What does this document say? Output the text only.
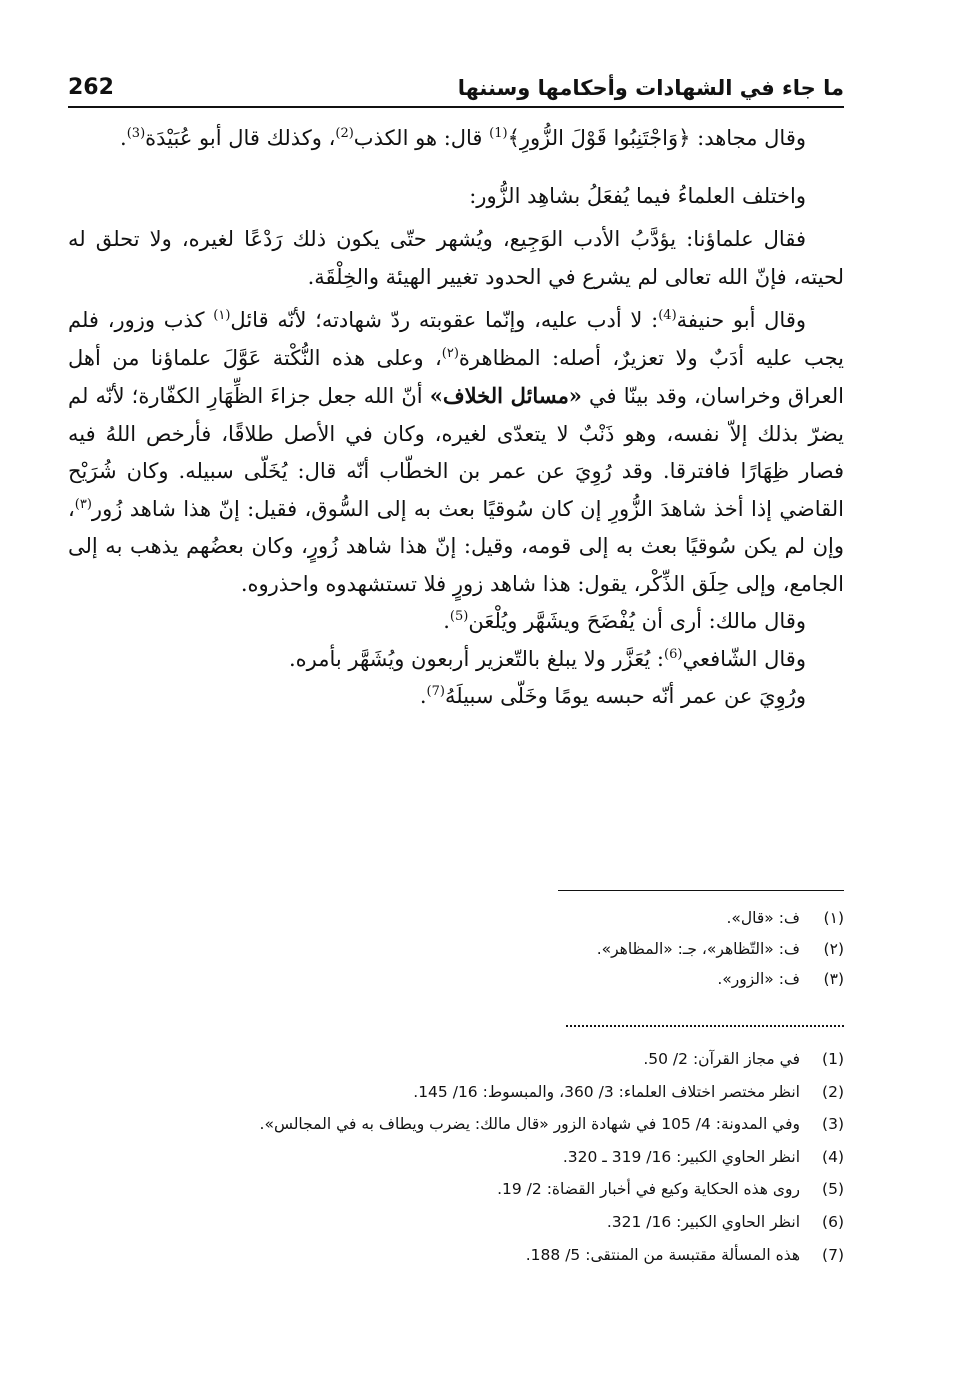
262	ما جاء في الشهادات وأحكامها وسننها

وقال مجاهد: ﴿وَاجْتَنِبُوا قَوْلَ الزُّورِ﴾$^{(1)}$ قال: هو الكذب$^{(2)}$، وكذلك قال أبو عُبَيْدَة$^{(3)}$.

واختلف العلماءُ فيما يُفعَلُ بشاهِد الزُّور:

فقال علماؤنا: يؤدَّبُ الأدب الوَجِيع، ويُشهر حتّى يكون ذلك رَدْعًا لغيره، ولا تحلق له لحيته، فإنّ الله تعالى لم يشرع في الحدود تغيير الهيئة والخِلْقَة.

وقال أبو حنيفة$^{(4)}$: لا أدب عليه، وإنّما عقوبته ردّ شهادته؛ لأنّه قائل$^{(١)}$ كذب وزور، فلم يجب عليه أدَبٌ ولا تعزيرٌ، أصله: المظاهرة$^{(٢)}$، وعلى هذه النُّكْتة عَوَّلَ علماؤنا من أهل العراق وخراسان، وقد بينّا في «مسائل الخلاف» أنّ الله جعل جزاءَ الظِّهَارِ الكفّارة؛ لأنّه لم يضرّ بذلك إلاّ نفسه، وهو ذَنْبٌ لا يتعدّى لغيره، وكان في الأصل طلاقًا، فأرخص اللهُ فيه فصار ظِهَارًا فافترقا. وقد رُوِيَ عن عمر بن الخطّاب أنّه قال: يُخَلّى سبيله. وكان شُرَيْح القاضي إذا أخذ شاهدَ الزُّورِ إن كان سُوقيًا بعث به إلى السُّوق، فقيل: إنّ هذا شاهد زُور$^{(٣)}$، وإن لم يكن سُوقيًا بعث به إلى قومه، وقيل: إنّ هذا شاهد زُورٍ، وكان بعضُهم يذهب به إلى الجامع، وإلى حِلَق الذِّكْر، يقول: هذا شاهد زورٍ فلا تستشهدوه واحذروه.

وقال مالك: أرى أن يُفْضَحَ ويشَهَّر ويُلْعَن$^{(5)}$.

وقال الشّافعي$^{(6)}$: يُعَزَّر ولا يبلغ بالتّعزير أربعون ويُشَهَّر بأمره.

ورُوِيَ عن عمر أنّه حبسه يومًا وخَلّى سبيلَهُ$^{(7)}$.

(١)
ف: «قال».
(٢)
ف: «التّظاهر»، جـ: «المظاهر».
(٣)
ف: «الزور».
(1)
في مجاز القرآن: 2/ 50.
(2)
انظر مختصر اختلاف العلماء: 3/ 360، والمبسوط: 16/ 145.
(3)
وفي المدونة: 4/ 105 في شهادة الزور «قال مالك: يضرب ويطاف به في المجالس».
(4)
انظر الحاوي الكبير: 16/ 319 ـ 320.
(5)
روى هذه الحكاية وكيع في أخبار القضاة: 2/ 19.
(6)
انظر الحاوي الكبير: 16/ 321.
(7)
هذه المسألة مقتبسة من المنتقى: 5/ 188.
